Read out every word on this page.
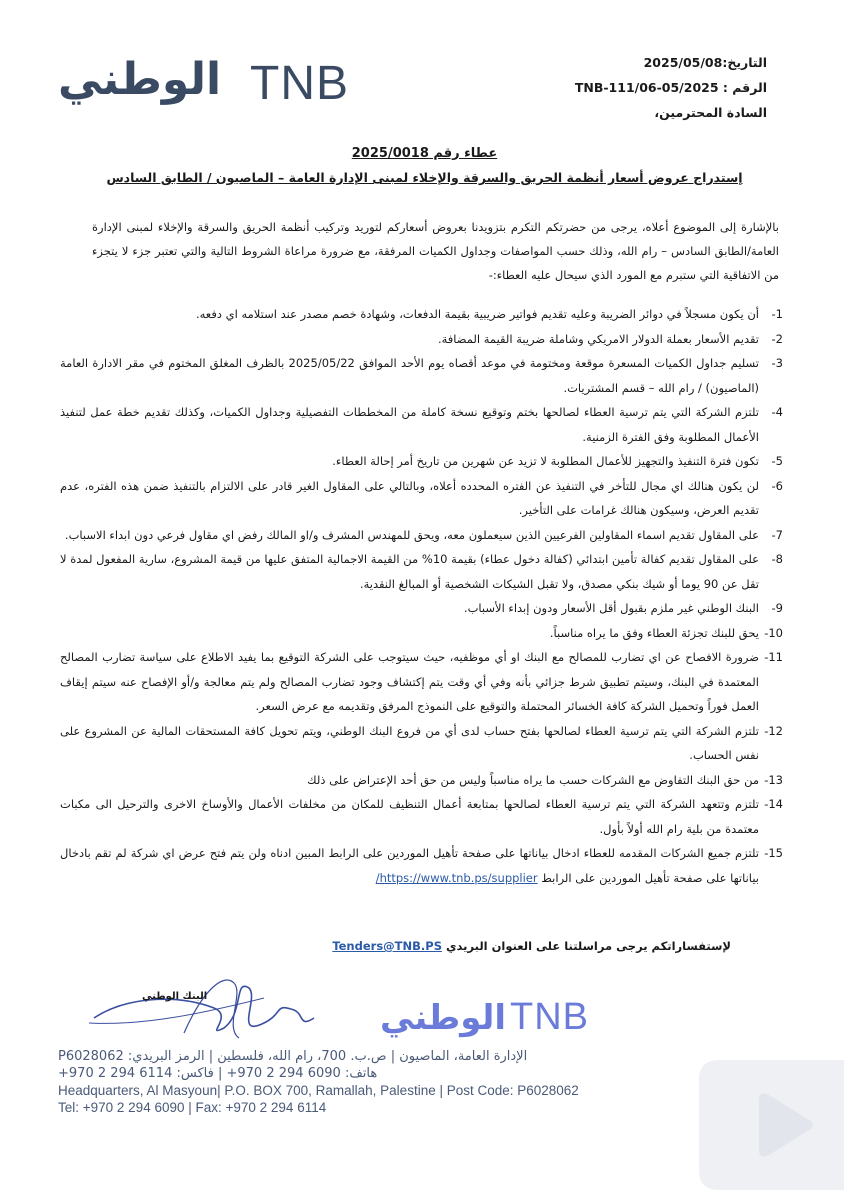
الوطني TNB	التاريخ:2025/05/08
الرقم : TNB-111/06-05/2025
السادة المحترمين،
عطاء رقم 2025/0018
إستدراج عروض أسعار أنظمة الحريق والسرقة والإخلاء لمبنى الإدارة العامة – الماصيون / الطابق السادس
بالإشارة إلى الموضوع أعلاه، يرجى من حضرتكم التكرم بتزويدنا بعروض أسعاركم لتوريد وتركيب أنظمة الحريق والسرقة والإخلاء لمبنى الإدارة العامة/الطابق السادس – رام الله، وذلك حسب المواصفات وجداول الكميات المرفقة، مع ضرورة مراعاة الشروط التالية والتي تعتبر جزء لا يتجزء من الاتفاقية التي ستبرم مع المورد الذي سيحال عليه العطاء:-
1-
أن يكون مسجلاً في دوائر الضريبة وعليه تقديم فواتير ضريبية بقيمة الدفعات، وشهادة خصم مصدر عند استلامه اي دفعه.
2-
تقديم الأسعار بعملة الدولار الامريكي وشاملة ضريبة القيمة المضافة.
3-
تسليم جداول الكميات المسعرة موقعة ومختومة في موعد أقصاه يوم الأحد الموافق 2025/05/22 بالظرف المغلق المختوم في مقر الادارة العامة (الماصيون) / رام الله – قسم المشتريات.
4-
تلتزم الشركة التي يتم ترسية العطاء لصالحها بختم وتوقيع نسخة كاملة من المخططات التفصيلية وجداول الكميات، وكذلك تقديم خطة عمل لتنفيذ الأعمال المطلوبة وفق الفترة الزمنية.
5-
تكون فترة التنفيذ والتجهيز للأعمال المطلوبة لا تزيد عن شهرين من تاريخ أمر إحالة العطاء.
6-
لن يكون هنالك اي مجال للتأخر في التنفيذ عن الفتره المحدده أعلاه، وبالتالي على المقاول الغير قادر على الالتزام بالتنفيذ ضمن هذه الفتره، عدم تقديم العرض، وسيكون هنالك غرامات على التأخير.
7-
على المقاول تقديم اسماء المقاولين الفرعيين الذين سيعملون معه، ويحق للمهندس المشرف و/او المالك رفض اي مقاول فرعي دون ابداء الاسباب.
8-
على المقاول تقديم كفالة تأمين ابتدائي (كفالة دخول عطاء) بقيمة 10% من القيمة الاجمالية المتفق عليها من قيمة المشروع، سارية المفعول لمدة لا تقل عن 90 يوما أو شيك بنكي مصدق، ولا تقبل الشيكات الشخصية أو المبالغ النقدية.
9-
البنك الوطني غير ملزم بقبول أقل الأسعار ودون إبداء الأسباب.
10-
يحق للبنك تجزئة العطاء وفق ما يراه مناسباً.
11-
ضرورة الافصاح عن اي تضارب للمصالح مع البنك او أي موظفيه، حيث سيتوجب على الشركة التوقيع بما يفيد الاطلاع على سياسة تضارب المصالح المعتمدة في البنك، وسيتم تطبيق شرط جزائي بأنه وفي أي وقت يتم إكتشاف وجود تضارب المصالح ولم يتم معالجة و/أو الإفصاح عنه سيتم إيقاف العمل فوراً وتحميل الشركة كافة الخسائر المحتملة والتوقيع على النموذج المرفق وتقديمه مع عرض السعر.
12-
تلتزم الشركة التي يتم ترسية العطاء لصالحها بفتح حساب لدى أي من فروع البنك الوطني، ويتم تحويل كافة المستحقات المالية عن المشروع على نفس الحساب.
13-
من حق البنك التفاوض مع الشركات حسب ما يراه مناسباً وليس من حق أحد الإعتراض على ذلك
14-
تلتزم وتتعهد الشركة التي يتم ترسية العطاء لصالحها بمتابعة أعمال التنظيف للمكان من مخلفات الأعمال والأوساخ الاخرى والترحيل الى مكبات معتمدة من بلية رام الله أولاً بأول.
15-
تلتزم جميع الشركات المقدمه للعطاء ادخال بياناتها على صفحة تأهيل الموردين على الرابط المبين ادناه ولن يتم فتح عرض اي شركة لم تقم بادخال بياناتها على صفحة تأهيل الموردين على الرابط https://www.tnb.ps/supplier/
لإستفساراتكم يرجى مراسلتنا على العنوان البريدي Tenders@TNB.PS
البنك الوطني
الوطني TNB
الإدارة العامة، الماصيون | ص.ب. 700، رام الله، فلسطين | الرمز البريدي: P6028062
هاتف: 6090 294 2 970+ | فاكس: 6114 294 2 970+
Headquarters, Al Masyoun| P.O. BOX 700, Ramallah, Palestine | Post Code: P6028062
Tel: +970 2 294 6090 | Fax: +970 2 294 6114
